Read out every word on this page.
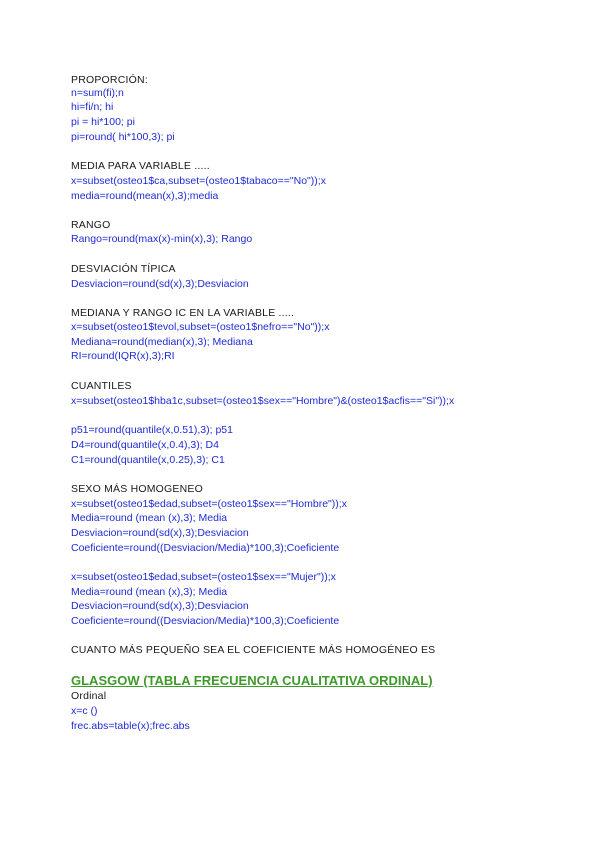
PROPORCIÓN:

n=sum(fi);n

hi=fi/n; hi

pi = hi*100; pi

pi=round( hi*100,3); pi

MEDIA PARA VARIABLE .....

x=subset(osteo1$ca,subset=(osteo1$tabaco=="No"));x

media=round(mean(x),3);media

RANGO

Rango=round(max(x)-min(x),3); Rango

DESVIACIÓN TÍPICA

Desviacion=round(sd(x),3);Desviacion

MEDIANA Y RANGO IC EN LA VARIABLE .....

x=subset(osteo1$tevol,subset=(osteo1$nefro=="No"));x

Mediana=round(median(x),3); Mediana

RI=round(IQR(x),3);RI

CUANTILES

x=subset(osteo1$hba1c,subset=(osteo1$sex=="Hombre")&(osteo1$acfis=="Si"));x

p51=round(quantile(x,0.51),3); p51

D4=round(quantile(x,0.4),3); D4

C1=round(quantile(x,0.25),3); C1

SEXO MÁS HOMOGENEO

x=subset(osteo1$edad,subset=(osteo1$sex=="Hombre"));x

Media=round (mean (x),3); Media

Desviacion=round(sd(x),3);Desviacion

Coeficiente=round((Desviacion/Media)*100,3);Coeficiente

x=subset(osteo1$edad,subset=(osteo1$sex=="Mujer"));x

Media=round (mean (x),3); Media

Desviacion=round(sd(x),3);Desviacion

Coeficiente=round((Desviacion/Media)*100,3);Coeficiente

CUANTO MÁS PEQUEÑO SEA EL COEFICIENTE MÁS HOMOGÉNEO ES

GLASGOW (TABLA FRECUENCIA CUALITATIVA ORDINAL)

Ordinal

x=c ()

frec.abs=table(x);frec.abs
